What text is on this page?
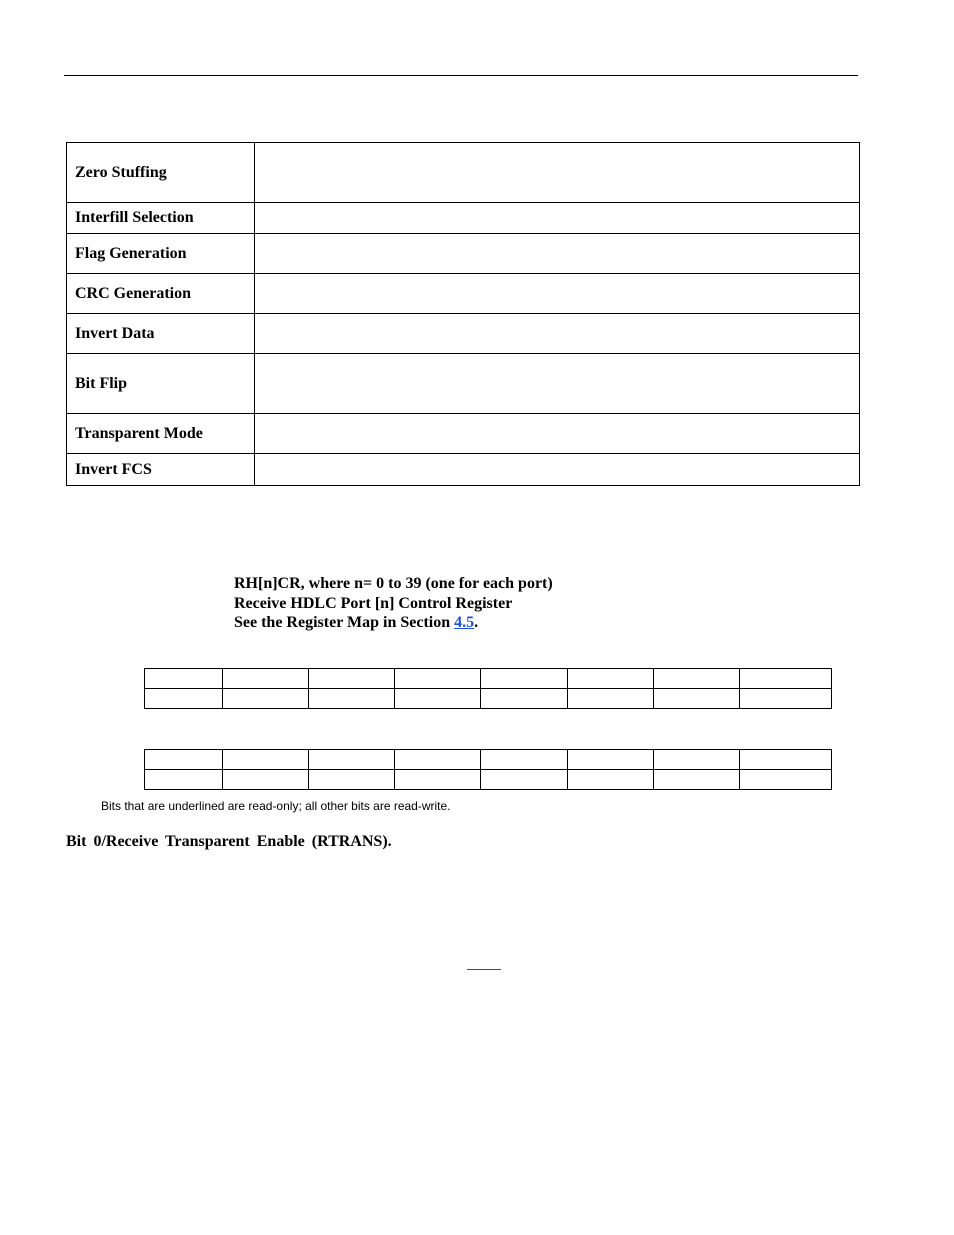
Zero Stuffing	
Interfill Selection	
Flag Generation	
CRC Generation	
Invert Data	
Bit Flip	
Transparent Mode	
Invert FCS	
RH[n]CR, where n= 0 to 39 (one for each port)
Receive HDLC Port [n] Control Register
See the Register Map in Section 4.5.

Bits that are underlined are read-only; all other bits are read-write.
Bit 0/Receive Transparent Enable (RTRANS).
